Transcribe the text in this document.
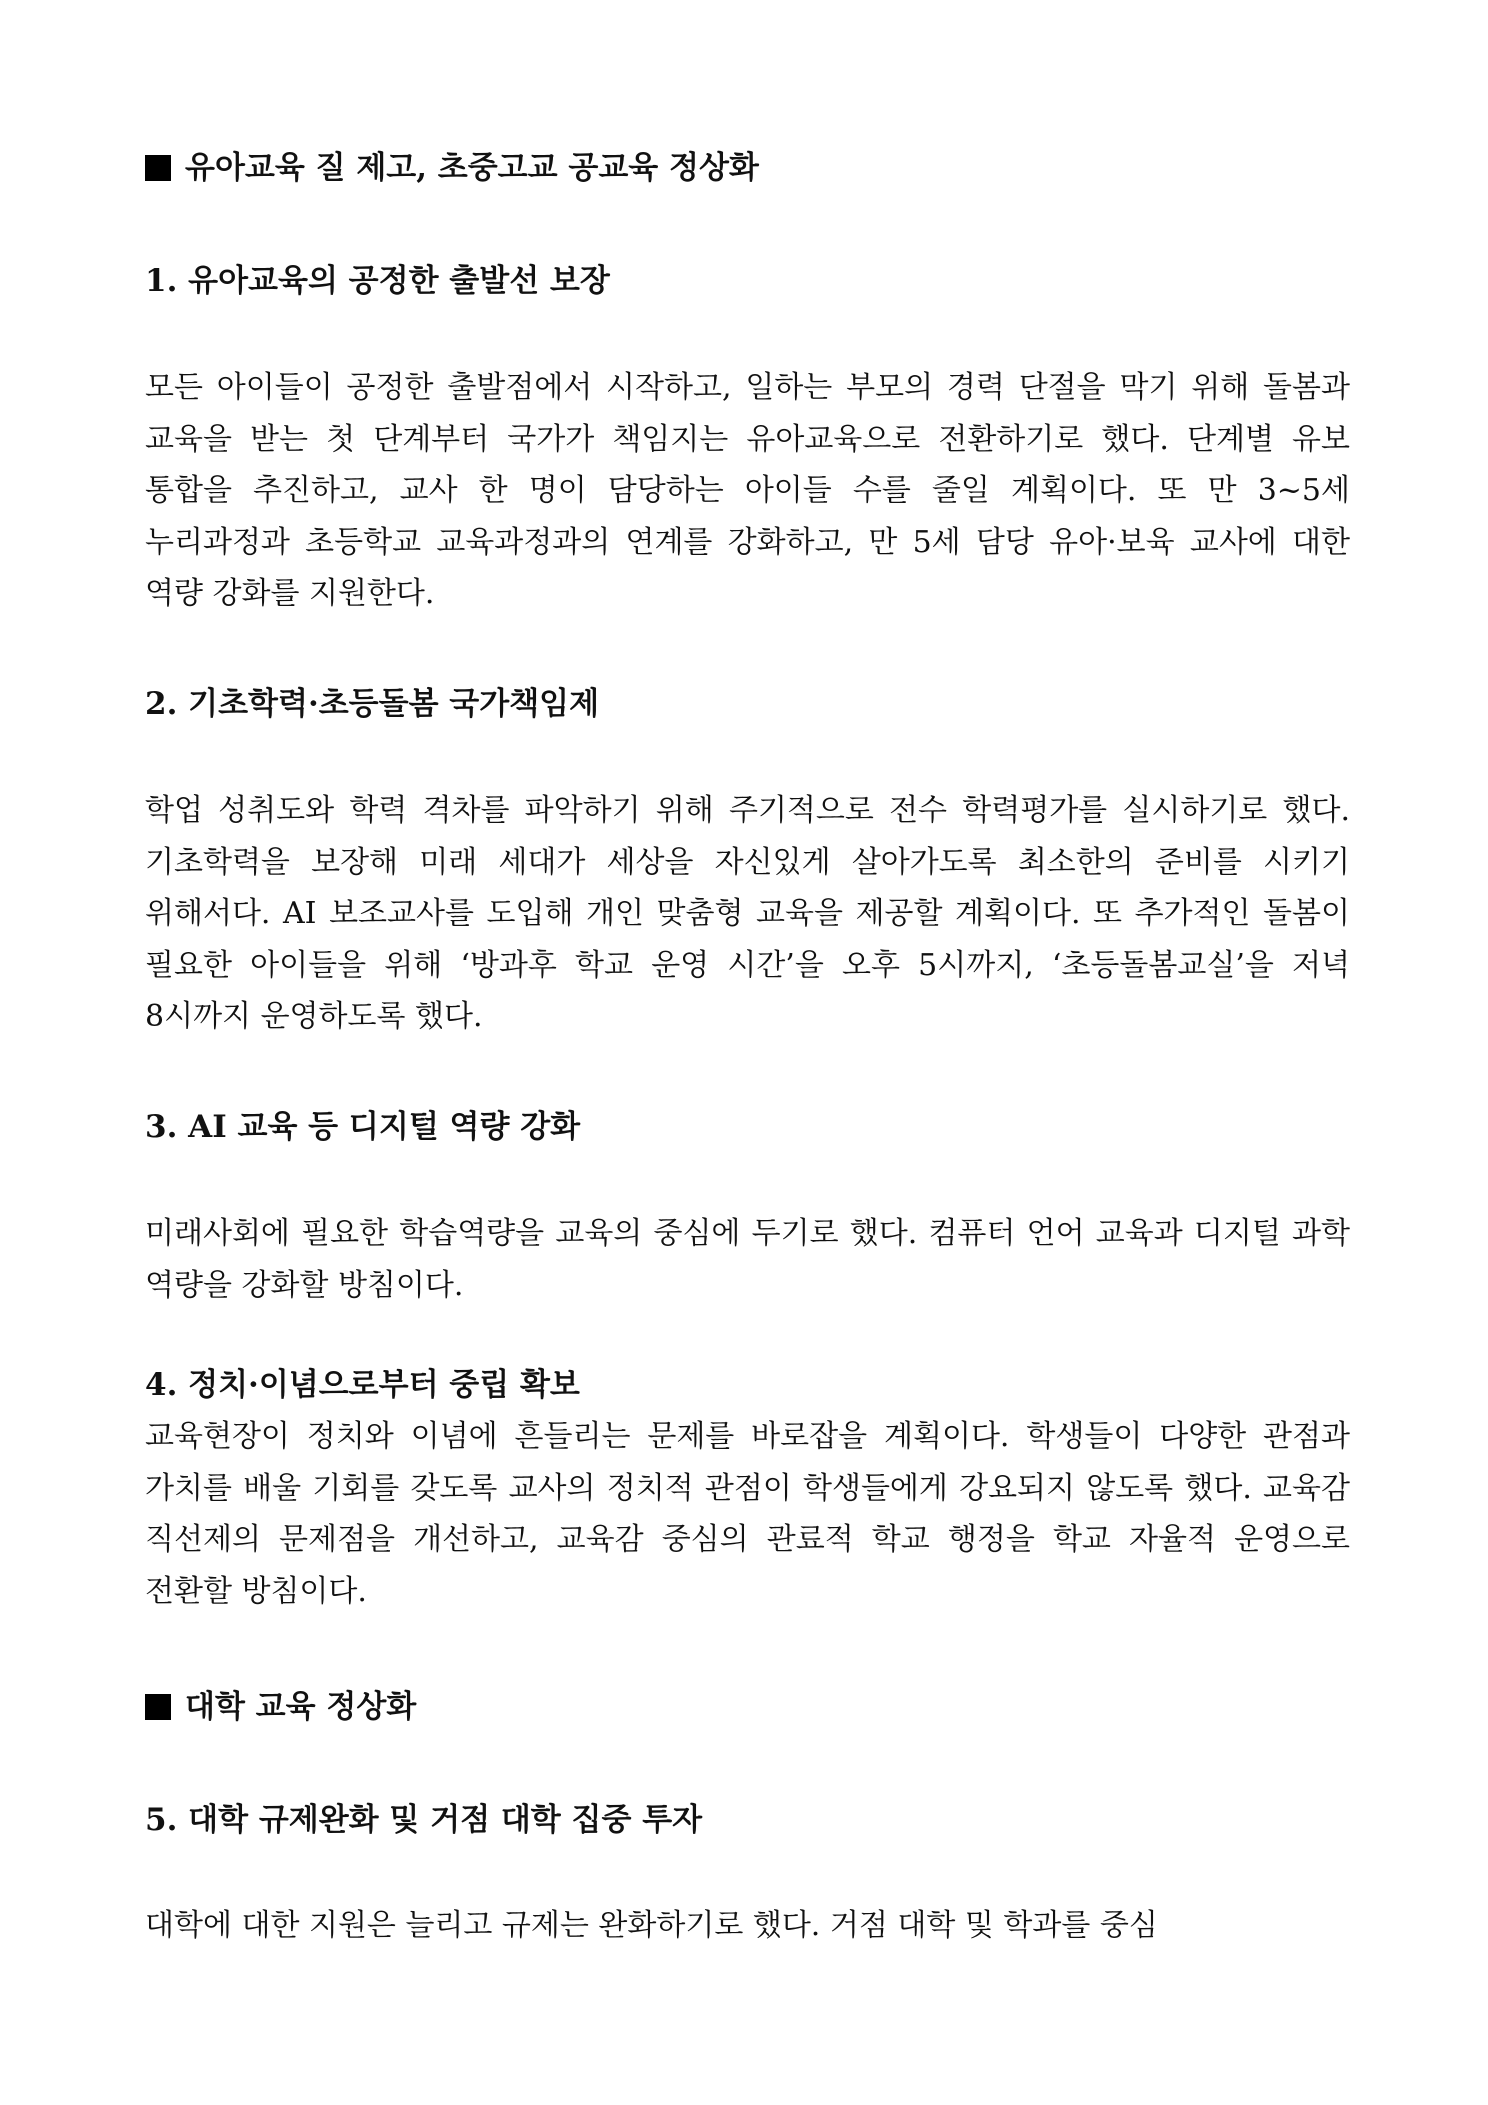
유아교육 질 제고, 초중고교 공교육 정상화
1. 유아교육의 공정한 출발선 보장

모든 아이들이 공정한 출발점에서 시작하고, 일하는 부모의 경력 단절을 막기 위해 돌봄과 교육을 받는 첫 단계부터 국가가 책임지는 유아교육으로 전환하기로 했다. 단계별 유보 통합을 추진하고, 교사 한 명이 담당하는 아이들 수를 줄일 계획이다. 또 만 3~5세 누리과정과 초등학교 교육과정과의 연계를 강화하고, 만 5세 담당 유아·보육 교사에 대한 역량 강화를 지원한다.

2. 기초학력·초등돌봄 국가책임제

학업 성취도와 학력 격차를 파악하기 위해 주기적으로 전수 학력평가를 실시하기로 했다. 기초학력을 보장해 미래 세대가 세상을 자신있게 살아가도록 최소한의 준비를 시키기 위해서다. AI 보조교사를 도입해 개인 맞춤형 교육을 제공할 계획이다. 또 추가적인 돌봄이 필요한 아이들을 위해 ‘방과후 학교 운영 시간’을 오후 5시까지, ‘초등돌봄교실’을 저녁 8시까지 운영하도록 했다.

3. AI 교육 등 디지털 역량 강화

미래사회에 필요한 학습역량을 교육의 중심에 두기로 했다. 컴퓨터 언어 교육과 디지털 과학 역량을 강화할 방침이다.

4. 정치·이념으로부터 중립 확보

교육현장이 정치와 이념에 흔들리는 문제를 바로잡을 계획이다. 학생들이 다양한 관점과 가치를 배울 기회를 갖도록 교사의 정치적 관점이 학생들에게 강요되지 않도록 했다. 교육감 직선제의 문제점을 개선하고, 교육감 중심의 관료적 학교 행정을 학교 자율적 운영으로 전환할 방침이다.

대학 교육 정상화
5. 대학 규제완화 및 거점 대학 집중 투자

대학에 대한 지원은 늘리고 규제는 완화하기로 했다. 거점 대학 및 학과를 중심
